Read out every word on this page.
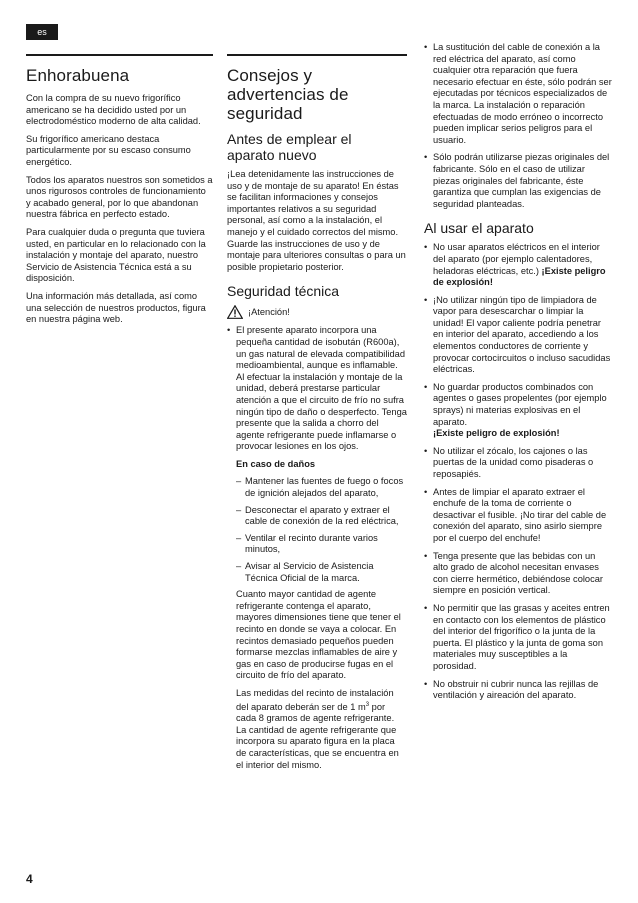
es
Enhorabuena

Con la compra de su nuevo frigorífico americano se ha decidido usted por un electrodoméstico moderno de alta calidad.

Su frigorífico americano destaca particularmente por su escaso consumo energético.

Todos los aparatos nuestros son sometidos a unos rigurosos controles de funcionamiento y acabado general, por lo que abandonan nuestra fábrica en perfecto estado.

Para cualquier duda o pregunta que tuviera usted, en particular en lo relacionado con la instalación y montaje del aparato, nuestro Servicio de Asistencia Técnica está a su disposición.

Una información más detallada, así como una selección de nuestros productos, figura en nuestra página web.

Consejos y
advertencias de
seguridad
Antes de emplear el
aparato nuevo

¡Lea detenidamente las instrucciones de uso y de montaje de su aparato! En éstas se facilitan informaciones y consejos importantes relativos a su seguridad personal, así como a la instalación, el manejo y el cuidado correctos del mismo. Guarde las instrucciones de uso y de montaje para ulteriores consultas o para un posible propietario posterior.

Seguridad técnica
¡Atención!
• El presente aparato incorpora una pequeña cantidad de isobután (R600a), un gas natural de elevada compatibilidad medioambiental, aunque es inflamable. Al efectuar la instalación y montaje de la unidad, deberá prestarse particular atención a que el circuito de frío no sufra ningún tipo de daño o desperfecto. Tenga presente que la salida a chorro del agente refrigerante puede inflamarse o provocar lesiones en los ojos.

En caso de daños

– Mantener las fuentes de fuego o focos de ignición alejados del aparato,
– Desconectar el aparato y extraer el cable de conexión de la red eléctrica,
– Ventilar el recinto durante varios minutos,
– Avisar al Servicio de Asistencia Técnica Oficial de la marca.

Cuanto mayor cantidad de agente refrigerante contenga el aparato, mayores dimensiones tiene que tener el recinto en donde se vaya a colocar. En recintos demasiado pequeños pueden formarse mezclas inflamables de aire y gas en caso de producirse fugas en el circuito de frío del aparato.

Las medidas del recinto de instalación del aparato deberán ser de 1 $m^3$ por cada 8 gramos de agente refrigerante. La cantidad de agente refrigerante que incorpora su aparato figura en la placa de características, que se encuentra en el interior del mismo.

• La sustitución del cable de conexión a la red eléctrica del aparato, así como cualquier otra reparación que fuera necesario efectuar en éste, sólo podrán ser ejecutadas por técnicos especializados de la marca. La instalación o reparación efectuadas de modo erróneo o incorrecto pueden implicar serios peligros para el usuario.
• Sólo podrán utilizarse piezas originales del fabricante. Sólo en el caso de utilizar piezas originales del fabricante, éste garantiza que cumplan las exigencias de seguridad planteadas.
Al usar el aparato
• No usar aparatos eléctricos en el interior del aparato (por ejemplo calentadores, heladoras eléctricas, etc.) ¡Existe peligro de explosión!
• ¡No utilizar ningún tipo de limpiadora de vapor para desescarchar o limpiar la unidad! El vapor caliente podría penetrar en interior del aparato, accediendo a los elementos conductores de corriente y provocar cortocircuitos o incluso sacudidas eléctricas.
• No guardar productos combinados con agentes o gases propelentes (por ejemplo sprays) ni materias explosivas en el aparato.
¡Existe peligro de explosión!
• No utilizar el zócalo, los cajones o las puertas de la unidad como pisaderas o reposapiés.
• Antes de limpiar el aparato extraer el enchufe de la toma de corriente o desactivar el fusible. ¡No tirar del cable de conexión del aparato, sino asirlo siempre por el cuerpo del enchufe!
• Tenga presente que las bebidas con un alto grado de alcohol necesitan envases con cierre hermético, debiéndose colocar siempre en posición vertical.
• No permitir que las grasas y aceites entren en contacto con los elementos de plástico del interior del frigorífico o la junta de la puerta. El plástico y la junta de goma son materiales muy susceptibles a la porosidad.
• No obstruir ni cubrir nunca las rejillas de ventilación y aireación del aparato.
4
